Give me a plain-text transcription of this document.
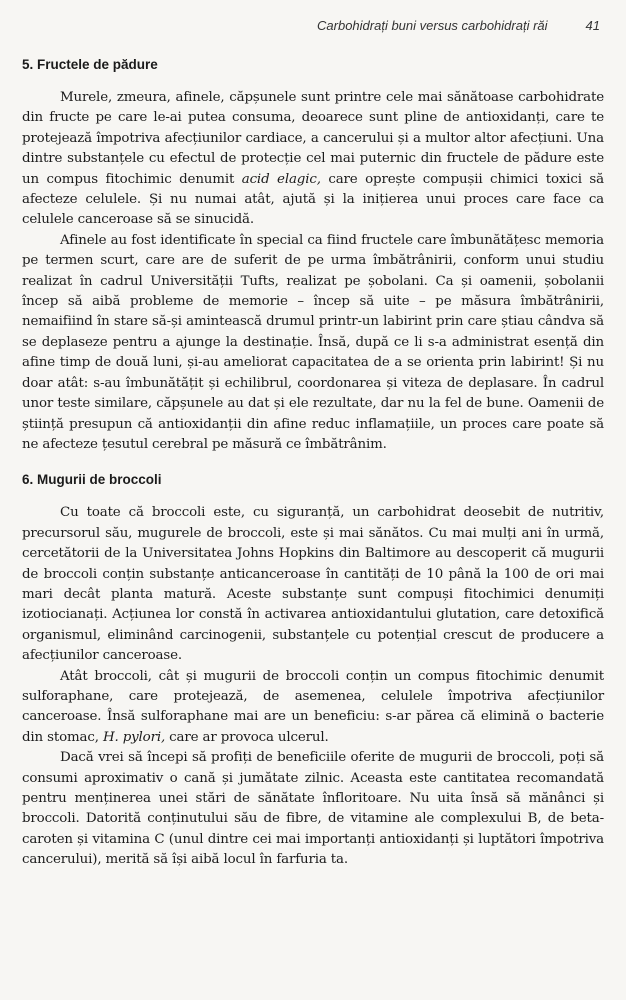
Carbohidrați buni versus carbohidrați răi	41
5. Fructele de pădure

Murele, zmeura, afinele, căpșunele sunt printre cele mai sănătoase carbohidrate din fructe pe care le-ai putea consuma, deoarece sunt pline de antioxidanți, care te protejează împotriva afecțiunilor cardiace, a cancerului și a multor altor afecțiuni. Una dintre substanțele cu efectul de protecție cel mai puternic din fructele de pădure este un compus fitochimic denumit acid elagic, care oprește compușii chimici toxici să afecteze celulele. Și nu numai atât, ajută și la inițierea unui proces care face ca celulele canceroase să se sinucidă.

Afinele au fost identificate în special ca fiind fructele care îmbunătățesc memoria pe termen scurt, care are de suferit de pe urma îmbătrânirii, conform unui studiu realizat în cadrul Universității Tufts, realizat pe șobolani. Ca și oamenii, șobolanii încep să aibă probleme de memorie – încep să uite – pe măsura îmbătrânirii, nemaifiind în stare să-și amintească drumul printr-un labirint prin care știau cândva să se deplaseze pentru a ajunge la destinație. Însă, după ce li s-a administrat esență din afine timp de două luni, și-au ameliorat capacitatea de a se orienta prin labirint! Și nu doar atât: s-au îmbunătățit și echilibrul, coordonarea și viteza de deplasare. În cadrul unor teste similare, căpșunele au dat și ele rezultate, dar nu la fel de bune. Oamenii de știință presupun că antioxidanții din afine reduc inflamațiile, un proces care poate să ne afecteze țesutul cerebral pe măsură ce îmbătrânim.

6. Mugurii de broccoli

Cu toate că broccoli este, cu siguranță, un carbohidrat deosebit de nutritiv, precursorul său, mugurele de broccoli, este și mai sănătos. Cu mai mulți ani în urmă, cercetătorii de la Universitatea Johns Hopkins din Baltimore au descoperit că mugurii de broccoli conțin substanțe anticanceroase în cantități de 10 până la 100 de ori mai mari decât planta matură. Aceste substanțe sunt compuși fitochimici denumiți izotiocianați. Acțiunea lor constă în activarea antioxidantului glutation, care detoxifică organismul, eliminând carcinogenii, substanțele cu potențial crescut de producere a afecțiunilor canceroase.

Atât broccoli, cât și mugurii de broccoli conțin un compus fitochimic denumit sulforaphane, care protejează, de asemenea, celulele împotriva afecțiunilor canceroase. Însă sulforaphane mai are un beneficiu: s-ar părea că elimină o bacterie din stomac, H. pylori, care ar provoca ulcerul.

Dacă vrei să începi să profiți de beneficiile oferite de mugurii de broccoli, poți să consumi aproximativ o cană și jumătate zilnic. Aceasta este cantitatea recomandată pentru menținerea unei stări de sănătate înfloritoare. Nu uita însă să mănânci și broccoli. Datorită conținutului său de fibre, de vitamine ale complexului B, de beta-caroten și vitamina C (unul dintre cei mai importanți antioxidanți și luptători împotriva cancerului), merită să își aibă locul în farfuria ta.
